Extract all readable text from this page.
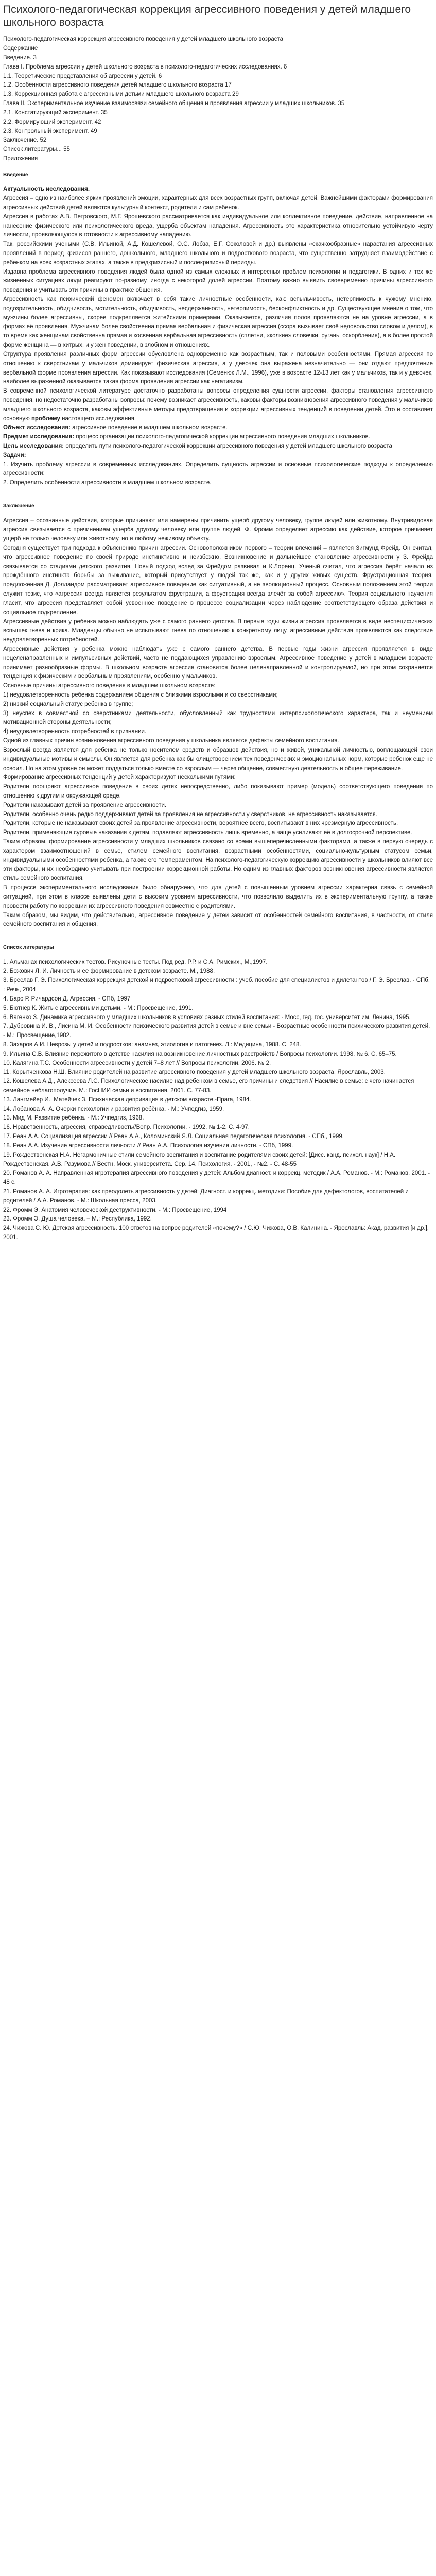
Психолого-педагогическая коррекция агрессивного поведения у детей младшего школьного возраста

Психолого-педагогическая коррекция агрессивного поведения у детей младшего школьного возраста

Содержание

Введение. 3

Глава I. Проблема агрессии у детей школьного возраста в психолого-педагогических исследованиях. 6

1.1. Теоретические представления об агрессии у детей. 6

1.2. Особенности агрессивного поведения детей младшего школьного возраста 17

1.3. Коррекционная работа с агрессивными детьми младшего школьного возраста 29

Глава II. Экспериментальное изучение взаимосвязи семейного общения и проявления агрессии у младших школьников. 35

2.1. Констатирующий эксперимент. 35

2.2. Формирующий эксперимент. 42

2.3. Контрольный эксперимент. 49

Заключение. 52

Список литературы... 55

Приложения

Введение

Актуальность исследования.

Агрессия – одно из наиболее ярких проявлений эмоции, характерных для всех возрастных групп, включая детей. Важнейшими факторами формирования агрессивных действий детей являются культурный контекст, родители и сам ребенок.

Агрессия в работах А.В. Петровского, М.Г. Ярошевского рассматривается как индивидуальное или коллективное поведение, действие, направленное на нанесение физического или психологического вреда, ущерба объектам нападения. Агрессивность это характеристика относительно устойчивую черту личности, проявляющуюся в готовности к агрессивному нападению.

Так, российскими учеными (С.В. Ильиной, А.Д. Кошелевой, О.С. Лобза, Е.Г. Соколовой и др.) выявлены «скачкообразные» нарастания агрессивных проявлений в период кризисов раннего, дошкольного, младшего школьного и подросткового возраста, что существенно затрудняет взаимодействие с ребенком на всех возрастных этапах, а также в предкризисный и послекризисный периоды.

Издавна проблема агрессивного поведения людей была одной из самых сложных и интересных проблем психологии и педагогики. В одних и тех же жизненных ситуациях люди реагируют по-разному, иногда с некоторой долей агрессии. Поэтому важно выявить своевременно причины агрессивного поведения и учитывать эти причины в практике общения.

Агрессивность как психический феномен включает в себя такие личностные особенности, как: вспыльчивость, нетерпимость к чужому мнению, подозрительность, обидчивость, мстительность, обидчивость, несдержанность, нетерпимость, бесконфликтность и др. Существующее мнение о том, что мужчины более агрессивны, скорее подкрепляется житейскими примерами. Оказывается, различия полов проявляются не на уровне агрессии, а в формах её проявления. Мужчинам более свойственна прямая вербальная и физическая агрессия (ссора вызывает своё недовольство словом и делом), в то время как женщинам свойственна прямая и косвенная вербальная агрессивность (сплетни, «колкие» словечки, ругань, оскорбления), а в более простой форме женщина — в хитрых, и у жен поведении, в злобном и отношениях.

Структура проявления различных форм агрессии обусловлена одновременно как возрастным, так и половыми особенностями. Прямая агрессия по отношению к сверстникам у мальчиков доминирует физическая агрессия, а у девочек она выражена незначительно — они отдают предпочтение вербальной форме проявления агрессии. Как показывают исследования (Семенюк Л.М., 1996), уже в возрасте 12-13 лет как у мальчиков, так и у девочек, наиболее выраженной оказывается такая форма проявления агрессии как негативизм.

В современной психологической литературе достаточно разработаны вопросы определения сущности агрессии, факторы становления агрессивного поведения, но недостаточно разработаны вопросы: почему возникает агрессивность, каковы факторы возникновения агрессивного поведения у мальчиков младшего школьного возраста, каковы эффективные методы предотвращения и коррекции агрессивных тенденций в поведении детей. Это и составляет основную проблему настоящего исследования.

Объект исследования: агрессивное поведение в младшем школьном возрасте.

Предмет исследования: процесс организации психолого-педагогической коррекции агрессивного поведения младших школьников.

Цель исследования: определить пути психолого-педагогической коррекции агрессивного поведения у детей младшего школьного возраста

Задачи:

1. Изучить проблему агрессии в современных исследованиях. Определить сущность агрессии и основные психологические подходы к определению агрессивности;

2. Определить особенности агрессивности в младшем школьном возрасте.

Заключение

Агрессия – осознанные действия, которые причиняют или намерены причинить ущерб другому человеку, группе людей или животному. Внутривидовая агрессия связывается с причинением ущерба другому человеку или группе людей. Ф. Фромм определяет агрессию как действие, которое причиняет ущерб не только человеку или животному, но и любому неживому объекту.

Сегодня существует три подхода к объяснению причин агрессии. Основоположником первого – теории влечений – является Зигмунд Фрейд. Он считал, что агрессивное поведение по своей природе инстинктивно и неизбежно. Возникновение и дальнейшее становление агрессивности у З. Фрейда связывается со стадиями детского развития. Новый подход вслед за Фрейдом развивал и К.Лоренц. Ученый считал, что агрессия берёт начало из врождённого инстинкта борьбы за выживание, который присутствует у людей так же, как и у других живых существ. Фрустрационная теория, предложенная Д. Долландом рассматривает агрессивное поведение как ситуативный, а не эволюционный процесс. Основным положением этой теории служит тезис, что «агрессия всегда является результатом фрустрации, а фрустрация всегда влечёт за собой агрессию». Теория социального научения гласит, что агрессия представляет собой усвоенное поведение в процессе социализации через наблюдение соответствующего образа действия и социальное подкрепление.

Агрессивные действия у ребенка можно наблюдать уже с самого раннего детства. В первые годы жизни агрессия проявляется в виде неспецифических вспышек гнева и крика. Младенцы обычно не испытывают гнева по отношению к конкретному лицу, агрессивные действия проявляются как следствие неудовлетворенных потребностей.

Агрессивные действия у ребенка можно наблюдать уже с самого раннего детства. В первые годы жизни агрессия проявляется в виде нецеленаправленных и импульсивных действий, часто не поддающихся управлению взрослым. Агрессивное поведение у детей в младшем возрасте принимает разнообразные формы. В школьном возрасте агрессия становится более целенаправленной и контролируемой, но при этом сохраняется тенденция к физическим и вербальным проявлениям, особенно у мальчиков.

Основные причины агрессивного поведения в младшем школьном возрасте:

1) неудовлетворенность ребенка содержанием общения с близкими взрослыми и со сверстниками;

2) низкий социальный статус ребенка в группе;

3) неуспех в совместной со сверстниками деятельности, обусловленный как трудностями интерпсихологического характера, так и неумением мотивационной стороны деятельности;

4) неудовлетворенность потребностей в признании.

Одной из главных причин возникновения агрессивного поведения у школьника является дефекты семейного воспитания.

Взрослый всегда является для ребенка не только носителем средств и образцов действия, но и живой, уникальной личностью, воплощающей свои индивидуальные мотивы и смыслы. Он является для ребенка как бы олицетворением тех поведенческих и эмоциональных норм, которые ребенок еще не освоил. Но на этом уровне он может поддаться только вместе со взрослым — через общение, совместную деятельность и общее переживание.

Формирование агрессивных тенденций у детей характеризуют несколькими путями:

Родители поощряют агрессивное поведение в своих детях непосредственно, либо показывают пример (модель) соответствующего поведения по отношению к другим и окружающей среде.

Родители наказывают детей за проявление агрессивности.

Родители, особенно очень редко поддерживают детей за проявления не агрессивности у сверстников, не агрессивность наказывается.

Родители, которые не наказывают своих детей за проявление агрессивности, вероятнее всего, воспитывают в них чрезмерную агрессивность.

Родители, применяющие суровые наказания к детям, подавляют агрессивность лишь временно, а чаще усиливают её в долгосрочной перспективе.

Таким образом, формирование агрессивности у младших школьников связано со всеми вышеперечисленными факторами, а также в первую очередь с характером взаимоотношений в семье, стилем семейного воспитания, возрастными особенностями, социально-культурным статусом семьи, индивидуальными особенностями ребенка, а также его темпераментом. На психолого-педагогическую коррекцию агрессивности у школьников влияют все эти факторы, и их необходимо учитывать при построении коррекционной работы. Но одним из главных факторов возникновения агрессивности является стиль семейного воспитания.

В процессе экспериментального исследования было обнаружено, что для детей с повышенным уровнем агрессии характерна связь с семейной ситуацией, при этом в классе выявлены дети с высоким уровнем агрессивности, что позволило выделить их в экспериментальную группу, а также провести работу по коррекции их агрессивного поведения совместно с родителями.

Таким образом, мы видим, что действительно, агрессивное поведение у детей зависит от особенностей семейного воспитания, в частности, от стиля семейного воспитания и общения.

Список литературы

1. Альманах психологических тестов. Рисуночные тесты. Под ред. Р.Р. и С.А. Римских., М.,1997.

2. Божович Л. И. Личность и ее формирование в детском возрасте. М., 1988.

3. Бреслав Г. Э. Психологическая коррекция детской и подростковой агрессивности : учеб. пособие для специалистов и дилетантов / Г. Э. Бреслав. - СПб. : Речь, 2004

4. Баро Р. Ричардсон Д. Агрессия. - СПб, 1997

5. Бютнер К. Жить с агрессивными детьми. - М.: Просвещение, 1991.

6. Вагенко З. Динамика агрессивного у младших школьников в условиях разных стилей воспитания: - Мосс, гед. гос. университет им. Ленина, 1995.

7. Дубровина И. В., Лисина М. И. Особенности психического развития детей в семье и вне семьи - Возрастные особенности психического развития детей. - М.: Просвещение,1982.

8. Захаров А.И. Неврозы у детей и подростков: анамнез, этиология и патогенез. Л.: Медицина, 1988. С. 248.

9. Ильина С.В. Влияние пережитого в детстве насилия на возникновение личностных расстройств / Вопросы психологии. 1998. № 6. С. 65–75.

10. Калягина Т.С. Особенности агрессивности у детей 7–8 лет // Вопросы психологии. 2006. № 2.

11. Корытченкова Н.Ш. Влияние родителей на развитие агрессивного поведения у детей младшего школьного возраста. Ярославль, 2003.

12. Кошелева А.Д., Алексеева Л.С. Психологическое насилие над ребенком в семье, его причины и следствия // Насилие в семье: с чего начинается семейное неблагополучие. М.: ГосНИИ семьи и воспитания, 2001. С. 77-83.

13. Лангмейер И., Матейчек З. Психическая депривация в детском возрасте.-Прага, 1984.

14. Лобанова А. А. Очерки психологии и развития ребёнка. - М.: Учпедгиз, 1959.

15. Мид М. Развитие ребёнка. - М.: Учпедгиз, 1968.

16. Нравственность, агрессия, справедливость//Вопр. Психологии. - 1992, № 1-2. С. 4-97.

17. Реан А.А. Социализация агрессии // Реан А.А., Коломинский Я.Л. Социальная педагогическая психология. - СПб., 1999.

18. Реан А.А. Изучение агрессивности личности // Реан А.А. Психология изучения личности. - СПб, 1999.

19. Рождественская Н.А. Негармоничные стили семейного воспитания и воспитание родителями своих детей: [Дисс. канд. психол. наук] / Н.А. Рождественская. А.В. Разумова // Вестн. Моск. университета. Сер. 14. Психология. - 2001, - №2. - С. 48-55

20. Романов А. А. Направленная игротерапия агрессивного поведения у детей: Альбом диагност. и коррекц. методик / А.А. Романов. - М.: Романов, 2001. - 48 с.

21. Романов А. А. Игротерапия: как преодолеть агрессивность у детей: Диагност. и коррекц. методики: Пособие для дефектологов, воспитателей и родителей / А.А. Романов. - М.: Школьная пресса, 2003.

22. Фромм Э. Анатомия человеческой деструктивности. - М.: Просвещение, 1994

23. Фромм Э. Душа человека. – М.: Республика, 1992.

24. Чижова С. Ю. Детская агрессивность. 100 ответов на вопрос родителей «почему?» / С.Ю. Чижова, О.В. Калинина. - Ярославль: Акад. развития [и др.], 2001.
